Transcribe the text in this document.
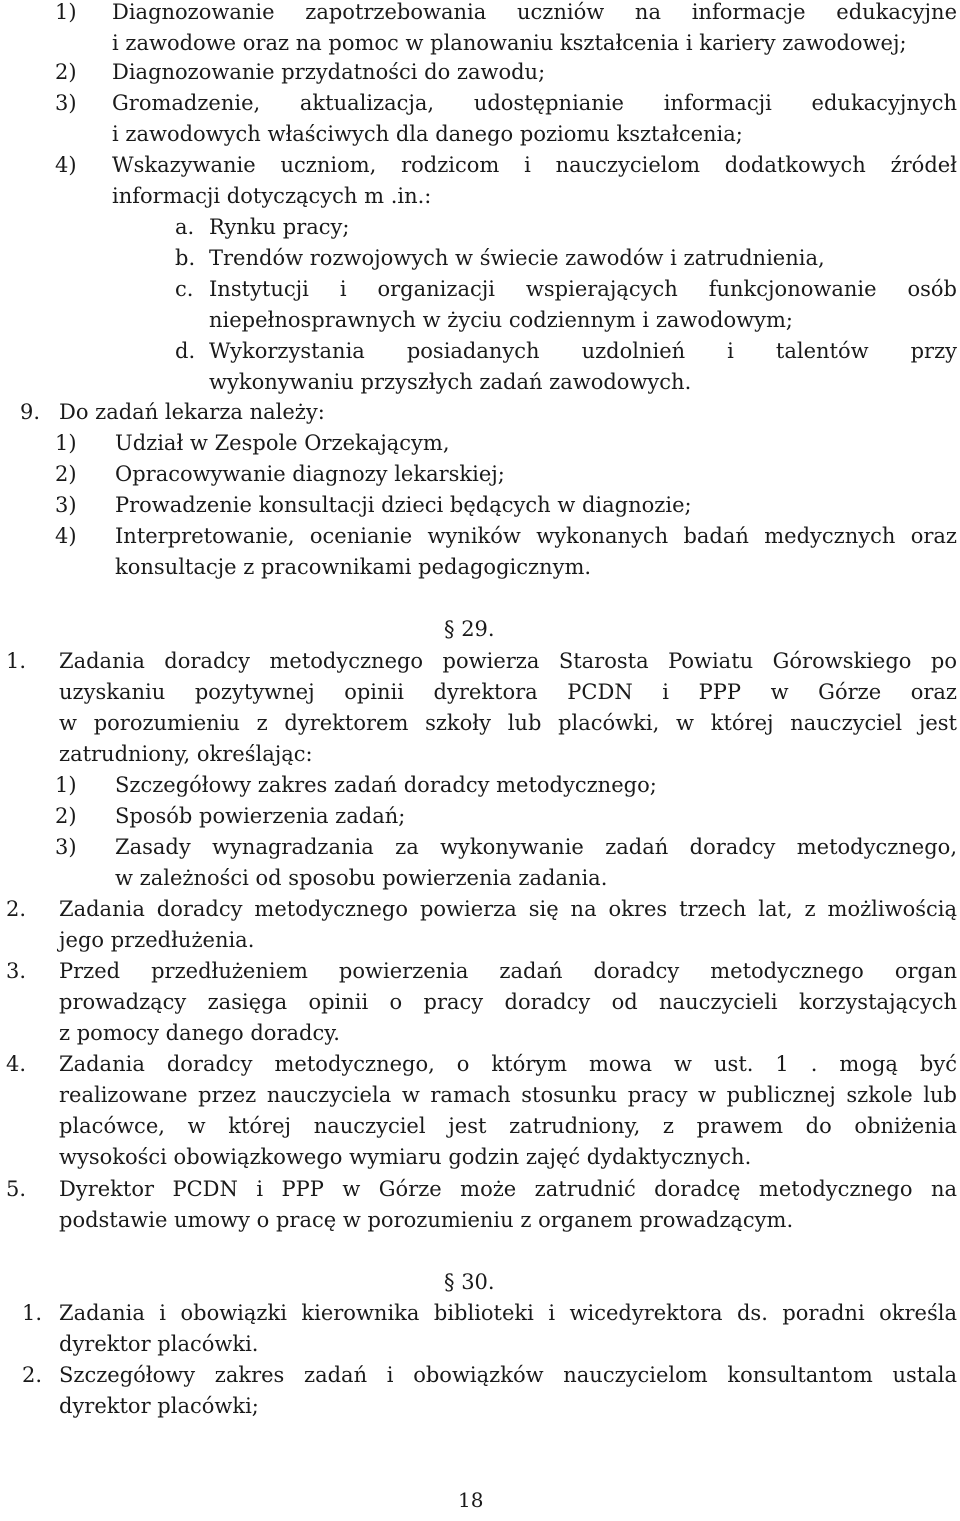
1) Diagnozowanie zapotrzebowania uczniów na informacje edukacyjne
i zawodowe oraz na pomoc w planowaniu kształcenia i kariery zawodowej;
2) Diagnozowanie przydatności do zawodu;
3) Gromadzenie, aktualizacja, udostępnianie informacji edukacyjnych
i zawodowych właściwych dla danego poziomu kształcenia;
4) Wskazywanie uczniom, rodzicom i nauczycielom dodatkowych źródeł
informacji dotyczących m .in.:
a. Rynku pracy;
b. Trendów rozwojowych w świecie zawodów i zatrudnienia,
c. Instytucji i organizacji wspierających funkcjonowanie osób
niepełnosprawnych w życiu codziennym i zawodowym;
d. Wykorzystania posiadanych uzdolnień i talentów przy
wykonywaniu przyszłych zadań zawodowych.
9. Do zadań lekarza należy:
1) Udział w Zespole Orzekającym,
2) Opracowywanie diagnozy lekarskiej;
3) Prowadzenie konsultacji dzieci będących w diagnozie;
4) Interpretowanie, ocenianie wyników wykonanych badań medycznych oraz
konsultacje z pracownikami pedagogicznym.
§ 29.
1. Zadania doradcy metodycznego powierza Starosta Powiatu Górowskiego po
uzyskaniu pozytywnej opinii dyrektora PCDN i PPP w Górze oraz
w porozumieniu z dyrektorem szkoły lub placówki, w której nauczyciel jest
zatrudniony, określając:
1) Szczegółowy zakres zadań doradcy metodycznego;
2) Sposób powierzenia zadań;
3) Zasady wynagradzania za wykonywanie zadań doradcy metodycznego,
w zależności od sposobu powierzenia zadania.
2. Zadania doradcy metodycznego powierza się na okres trzech lat, z możliwością
jego przedłużenia.
3. Przed przedłużeniem powierzenia zadań doradcy metodycznego organ
prowadzący zasięga opinii o pracy doradcy od nauczycieli korzystających
z pomocy danego doradcy.
4. Zadania doradcy metodycznego, o którym mowa w ust. 1 . mogą być
realizowane przez nauczyciela w ramach stosunku pracy w publicznej szkole lub
placówce, w której nauczyciel jest zatrudniony, z prawem do obniżenia
wysokości obowiązkowego wymiaru godzin zajęć dydaktycznych.
5. Dyrektor PCDN i PPP w Górze może zatrudnić doradcę metodycznego na
podstawie umowy o pracę w porozumieniu z organem prowadzącym.
§ 30.
1. Zadania i obowiązki kierownika biblioteki i wicedyrektora ds. poradni określa
dyrektor placówki.
2. Szczegółowy zakres zadań i obowiązków nauczycielom konsultantom ustala
dyrektor placówki;
18
